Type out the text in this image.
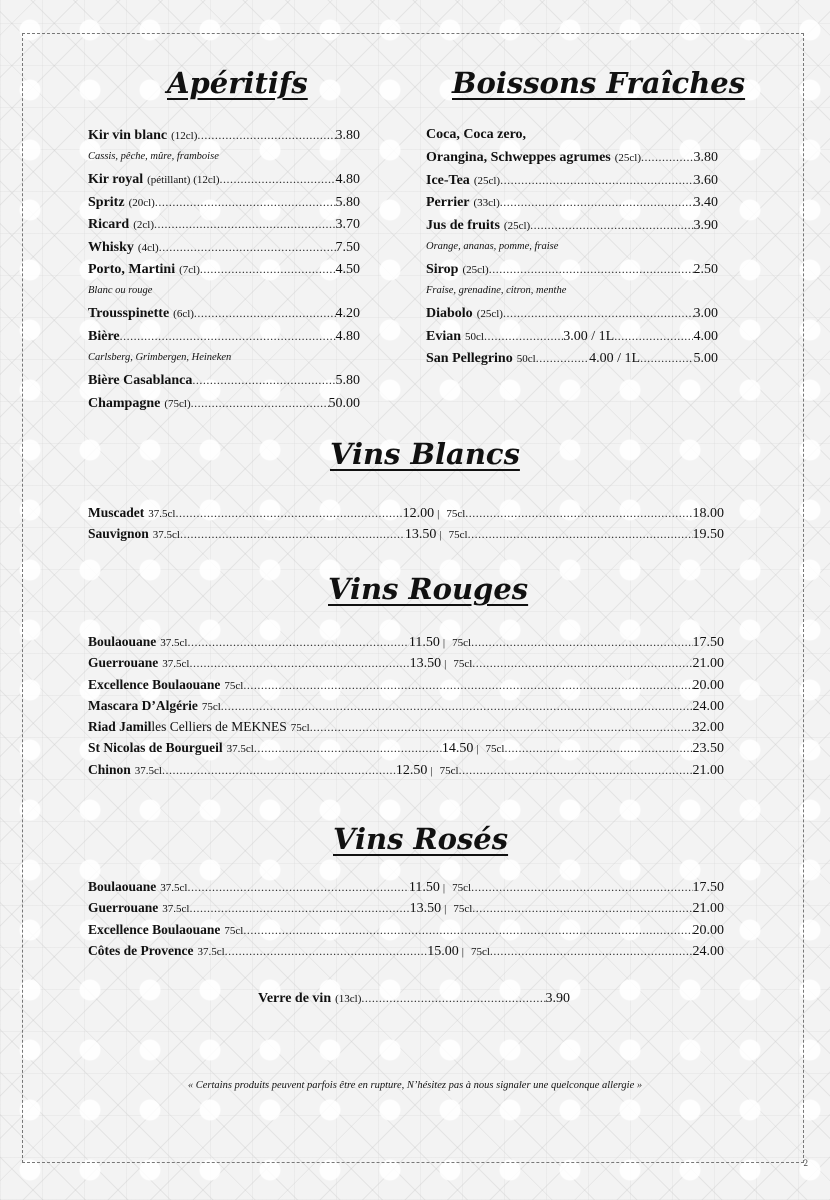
2
Apéritifs	Boissons Fraîches
Kir vin blanc (12cl) .....	3.80
Cassis, pêche, mûre, framboise
Kir royal (pétillant) (12cl) .....	4.80
Spritz (20cl) .....	5.80
Ricard (2cl) .....	3.70
Whisky (4cl) .....	7.50
Porto, Martini (7cl) .....	4.50
Blanc ou rouge
Trousspinette (6cl) .....	4.20
Bière .....	4.80
Carlsberg, Grimbergen, Heineken
Bière Casablanca .....	5.80
Champagne (75cl) .....	50.00
Coca, Coca zero,
Orangina, Schweppes agrumes (25cl) .....	3.80
Ice-Tea (25cl) .....	3.60
Perrier (33cl) .....	3.40
Jus de fruits (25cl) .....	3.90
Orange, ananas, pomme, fraise
Sirop (25cl) .....	2.50
Fraise, grenadine, citron, menthe
Diabolo (25cl) .....	3.00
Evian 50cl .....	3.00 / 1L .....	4.00
San Pellegrino 50cl .....	4.00 / 1L .....	5.00
Vins Blancs
Muscadet 37.5cl .....	12.00 | 75cl .....	18.00
Sauvignon 37.5cl .....	13.50 | 75cl .....	19.50
Vins Rouges
Boulaouane 37.5cl .....	11.50 | 75cl .....	17.50
Guerrouane 37.5cl .....	13.50 | 75cl .....	21.00
Excellence Boulaouane 75cl .....	20.00
Mascara D’Algérie 75cl .....	24.00
Riad Jamil les Celliers de MEKNES 75cl .....	32.00
St Nicolas de Bourgueil 37.5cl .....	14.50 | 75cl .....	23.50
Chinon 37.5cl .....	12.50 | 75cl .....	21.00
Vins Rosés
Boulaouane 37.5cl .....	11.50 | 75cl .....	17.50
Guerrouane 37.5cl .....	13.50 | 75cl .....	21.00
Excellence Boulaouane 75cl .....	20.00
Côtes de Provence 37.5cl .....	15.00 | 75cl .....	24.00
Verre de vin (13cl) .....	3.90
« Certains produits peuvent parfois être en rupture, N’hésitez pas à nous signaler une quelconque allergie »
